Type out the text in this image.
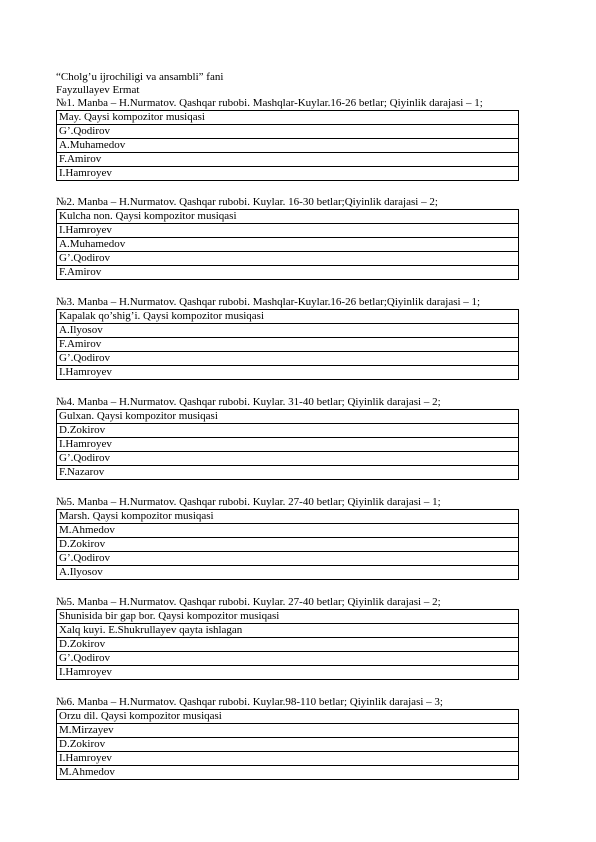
“Cholg’u ijrochiligi va ansambli” fani
Fayzullayev Ermat
№1. Manba – H.Nurmatov. Qashqar rubobi. Mashqlar-Kuylar.16-26 betlar; Qiyinlik darajasi – 1;
May. Qaysi kompozitor musiqasi
G’.Qodirov
A.Muhamedov
F.Amirov
I.Hamroyev
№2. Manba – H.Nurmatov. Qashqar rubobi. Kuylar. 16-30 betlar;Qiyinlik darajasi – 2;
Kulcha non. Qaysi kompozitor musiqasi
I.Hamroyev
A.Muhamedov
G’.Qodirov
F.Amirov
№3. Manba – H.Nurmatov. Qashqar rubobi. Mashqlar-Kuylar.16-26 betlar;Qiyinlik darajasi – 1;
Kapalak qo’shig’i. Qaysi kompozitor musiqasi
A.Ilyosov
F.Amirov
G’.Qodirov
I.Hamroyev
№4. Manba – H.Nurmatov. Qashqar rubobi. Kuylar. 31-40 betlar; Qiyinlik darajasi – 2;
Gulxan. Qaysi kompozitor musiqasi
D.Zokirov
I.Hamroyev
G’.Qodirov
F.Nazarov
№5. Manba – H.Nurmatov. Qashqar rubobi. Kuylar. 27-40 betlar; Qiyinlik darajasi – 1;
Marsh. Qaysi kompozitor musiqasi
M.Ahmedov
D.Zokirov
G’.Qodirov
A.Ilyosov
№5. Manba – H.Nurmatov. Qashqar rubobi. Kuylar. 27-40 betlar; Qiyinlik darajasi – 2;
Shunisida bir gap bor. Qaysi kompozitor musiqasi
Xalq kuyi. E.Shukrullayev qayta ishlagan
D.Zokirov
G’.Qodirov
I.Hamroyev
№6. Manba – H.Nurmatov. Qashqar rubobi. Kuylar.98-110 betlar; Qiyinlik darajasi – 3;
Orzu dil. Qaysi kompozitor musiqasi
M.Mirzayev
D.Zokirov
I.Hamroyev
M.Ahmedov
